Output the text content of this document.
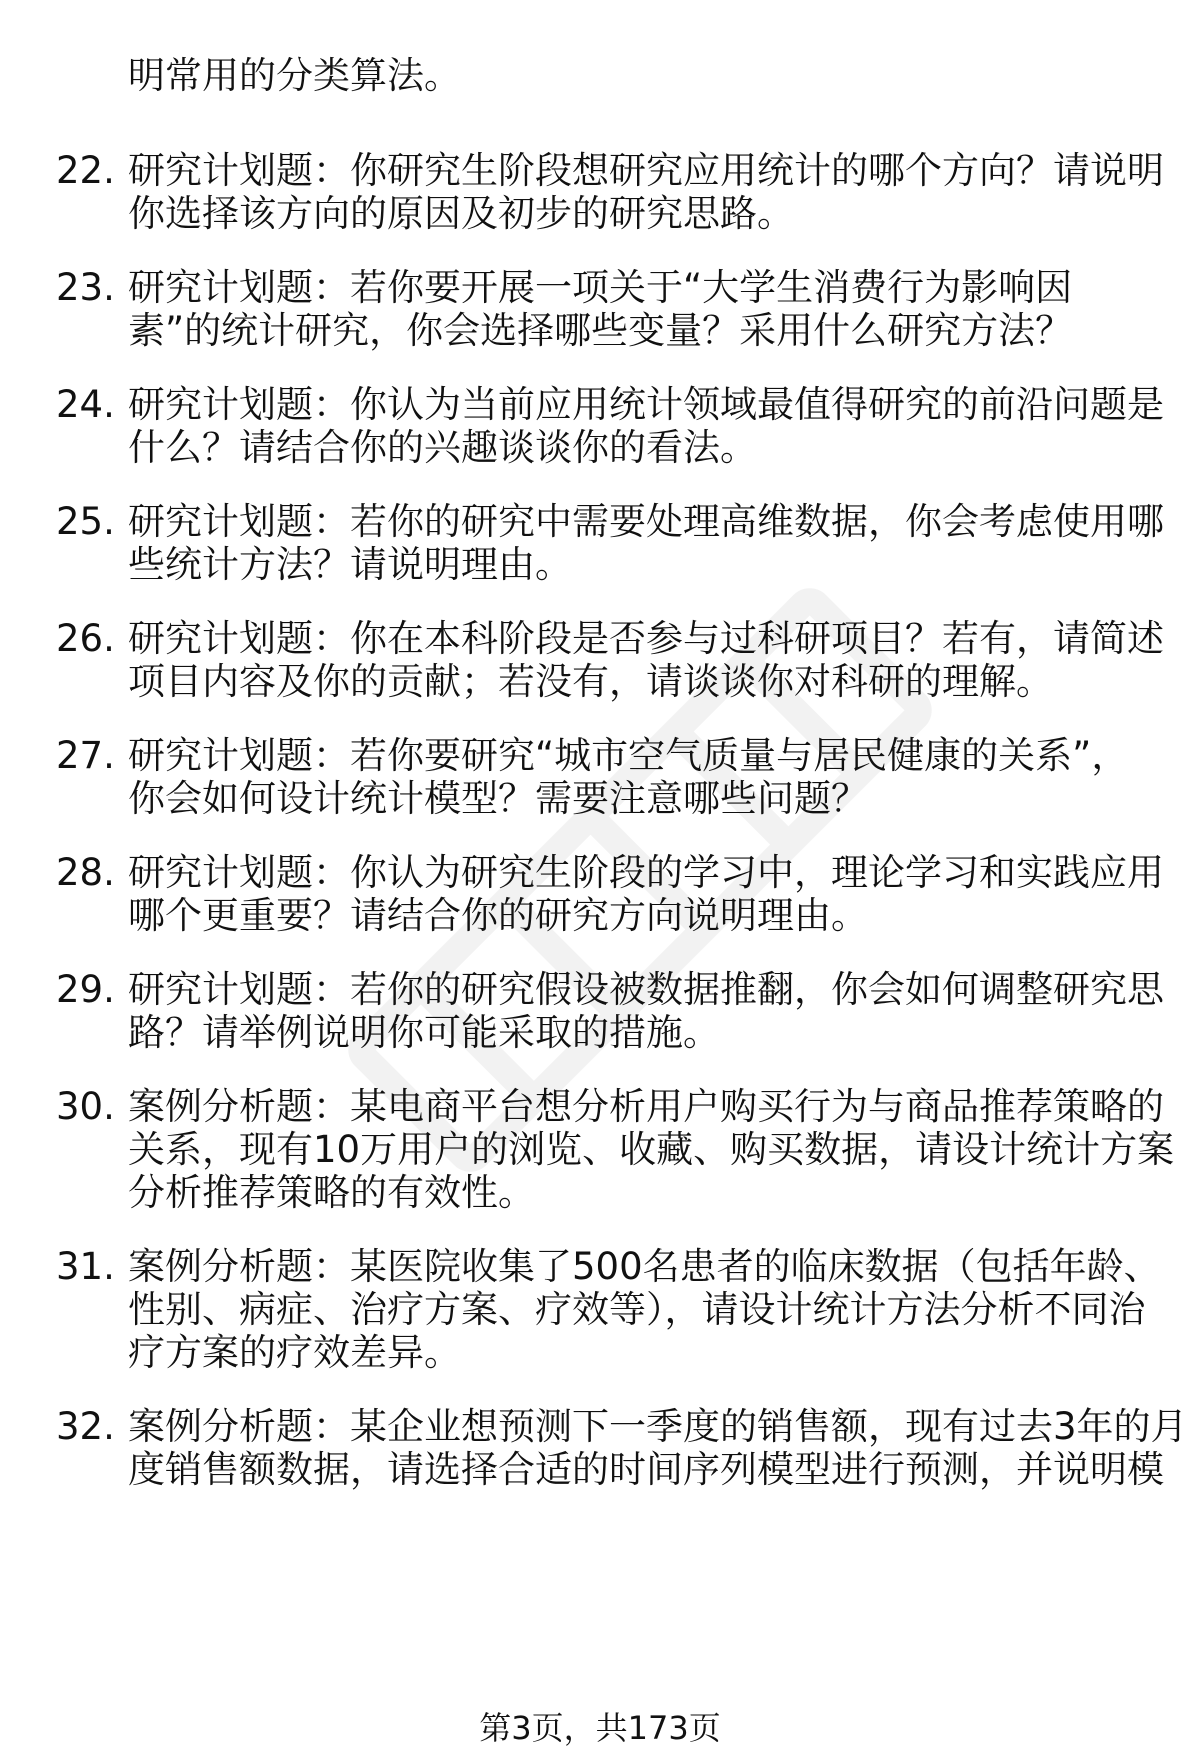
明常用的分类算法。
22. 研究计划题：你研究生阶段想研究应用统计的哪个方向？请说明
你选择该方向的原因及初步的研究思路。
23. 研究计划题：若你要开展一项关于“大学生消费行为影响因
素”的统计研究，你会选择哪些变量？采用什么研究方法？
24. 研究计划题：你认为当前应用统计领域最值得研究的前沿问题是
什么？请结合你的兴趣谈谈你的看法。
25. 研究计划题：若你的研究中需要处理高维数据，你会考虑使用哪
些统计方法？请说明理由。
26. 研究计划题：你在本科阶段是否参与过科研项目？若有，请简述
项目内容及你的贡献；若没有，请谈谈你对科研的理解。
27. 研究计划题：若你要研究“城市空气质量与居民健康的关系”，
你会如何设计统计模型？需要注意哪些问题？
28. 研究计划题：你认为研究生阶段的学习中，理论学习和实践应用
哪个更重要？请结合你的研究方向说明理由。
29. 研究计划题：若你的研究假设被数据推翻，你会如何调整研究思
路？请举例说明你可能采取的措施。
30. 案例分析题：某电商平台想分析用户购买行为与商品推荐策略的
关系，现有10万用户的浏览、收藏、购买数据，请设计统计方案
分析推荐策略的有效性。
31. 案例分析题：某医院收集了500名患者的临床数据（包括年龄、
性别、病症、治疗方案、疗效等），请设计统计方法分析不同治
疗方案的疗效差异。
32. 案例分析题：某企业想预测下一季度的销售额，现有过去3年的月
度销售额数据，请选择合适的时间序列模型进行预测，并说明模
第3页，共173页
